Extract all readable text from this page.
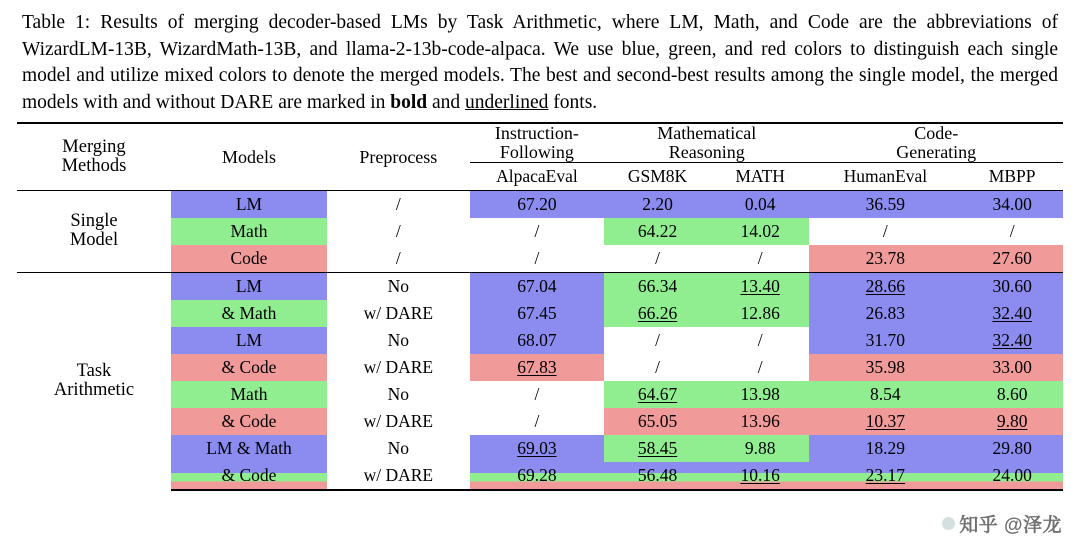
Table 1: Results of merging decoder-based LMs by Task Arithmetic, where LM, Math, and Code are the abbreviations of WizardLM-13B, WizardMath-13B, and llama-2-13b-code-alpaca. We use blue, green, and red colors to distinguish each single model and utilize mixed colors to denote the merged models. The best and second-best results among the single model, the merged models with and without DARE are marked in bold and underlined fonts.

Merging
Methods	Models	Preprocess	
Instruction-
Following

Mathematical
Reasoning

Code-
Generating

			AlpacaEval	GSM8K	MATH	HumanEval	MBPP

Single
Model	LM	/	67.20	2.20	0.04	36.59	34.00
	Math	/	/	64.22	14.02	/	/
	Code	/	/	/	/	23.78	27.60

Task
Arithmetic	LM	No	67.04	66.34	13.40	28.66	30.60
	& Math	w/ DARE	67.45	66.26	12.86	26.83	32.40
	LM	No	68.07	/	/	31.70	32.40
	& Code	w/ DARE	67.83	/	/	35.98	33.00
	Math	No	/	64.67	13.98	8.54	8.60
	& Code	w/ DARE	/	65.05	13.96	10.37	9.80
	LM & Math	No	69.03	58.45	9.88	18.29	29.80
	& Code	w/ DARE	69.28	56.48	10.16	23.17	24.00
知乎 @泽龙
